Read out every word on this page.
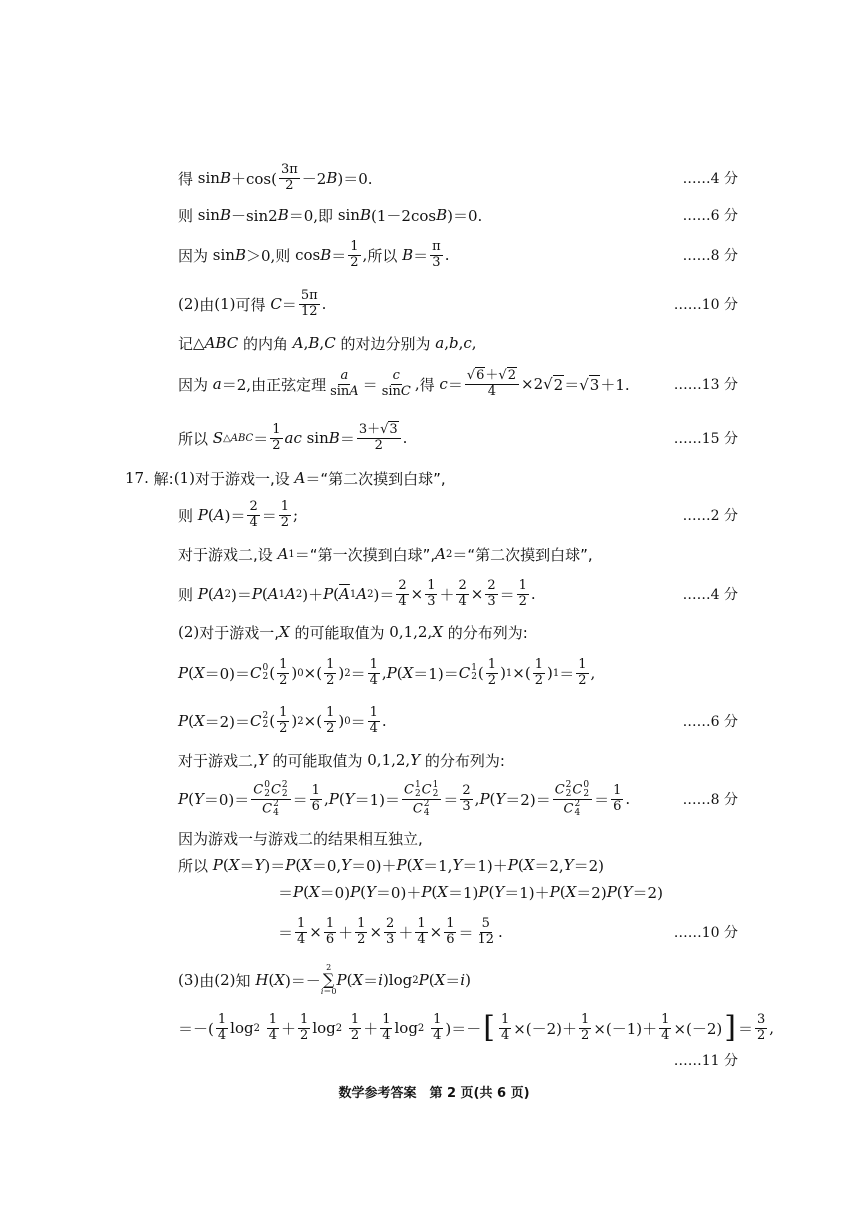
得 $\sin B +\cos( \frac{3\pi}{2} -2$ B )＝0.	……4 分
则 sin B －sin2 B ＝0, 即 sin B (1－2cos B )＝0.	……6 分
因为 sin B ＞0, 则 $\cos B = \frac{1}{2}$ , 所以
$B = \frac{\pi}{3}$ .	……8 分
(2) 由 (1) 可得
$C = \frac{5\pi}{12}$ .	……10 分
记 △ ABC
的内角
A , B , C
的对边分别为
a , b , c ,
因为
a ＝2, 由正弦定理 $\frac{a}{\sin A} = \frac{c}{\sin C}$ , 得
$c = \frac{√6+√2}{4} \times 2√$ 2 ＝√ 3 ＋1.	……13 分
所以
S △ABC ＝ $\frac{1}{2}$ ac $\sin B = \frac{3+√3}{2}$ .	……15 分
17. 解: (1) 对于游戏一,设
A ＝ “第二次摸到白球”,
则
P ( A )＝ $\frac{2}{4} = \frac{1}{2}$ ;	……2 分
对于游戏二,设
A 1 ＝ “第一次摸到白球”, A 2 ＝ “第二次摸到白球”,
则
P ( A 2 )＝ P ( A 1 A 2 )＋ P ( $\overline{A}$ 1 A 2 )＝ $\frac{2}{4} \times \frac{1}{3} + \frac{2}{4} \times \frac{2}{3} = \frac{1}{2}$ .	……4 分
(2) 对于游戏一, X
的可能取值为 0,1,2, X
的分布列为:
P ( X ＝0)＝ C 0
2 ( $\frac{1}{2}$ ) 0 ×( $\frac{1}{2}$ ) $2 = \frac{1}{4}$ , P ( X ＝1)＝ C 1
2 ( $\frac{1}{2}$ ) 1 ×( $\frac{1}{2}$ ) $1 = \frac{1}{2}$ ,
P ( X ＝2)＝ C 2
2 ( $\frac{1}{2}$ ) 2 ×( $\frac{1}{2}$ ) $0 = \frac{1}{4}$ .	……6 分
对于游戏二, Y
的可能取值为 0,1,2, Y
的分布列为:
P ( Y ＝0)＝ C 0
2 C 2
2
C 2
$4 = \frac{1}{6}$ , P ( Y ＝1)＝ C 1
2 C 1
2
C 2
$4 = \frac{2}{3}$ , P ( Y ＝2)＝ C 2
2 C 0
2
C 2
$4 = \frac{1}{6}$ .	……8 分
因为游戏一与游戏二的结果相互独立,
所以
P ( X ＝ Y )＝ P ( X ＝0, Y ＝0)＋ P ( X ＝1, Y ＝1)＋ P ( X ＝2, Y ＝2)
＝ P ( X ＝0) P ( Y ＝0)＋ P ( X ＝1) P ( Y ＝1)＋ P ( X ＝2) P ( Y ＝2)
＝ $\frac{1}{4} \times \frac{1}{6} + \frac{1}{2} \times \frac{2}{3} + \frac{1}{4} \times \frac{1}{6} = \frac{5}{12}$ .	……10 分
(3) 由 (2) 知
H ( X )＝－
2
∑
i＝0
P ( X ＝ i )log 2 P ( X ＝ i )
＝－( $\frac{1}{4}$ log 2
$\frac{1}{4} + \frac{1}{2}$ log 2
$\frac{1}{2} + \frac{1}{4}$ log 2
$\frac{1}{4}$ )＝－ [ $\frac{1}{4} \times(-2)+ \frac{1}{2} \times(-1)+ \frac{1}{4} \times(-2)$ ] ＝ $\frac{3}{2}$ ,
……11 分
数学参考答案　第 2 页(共 6 页)
